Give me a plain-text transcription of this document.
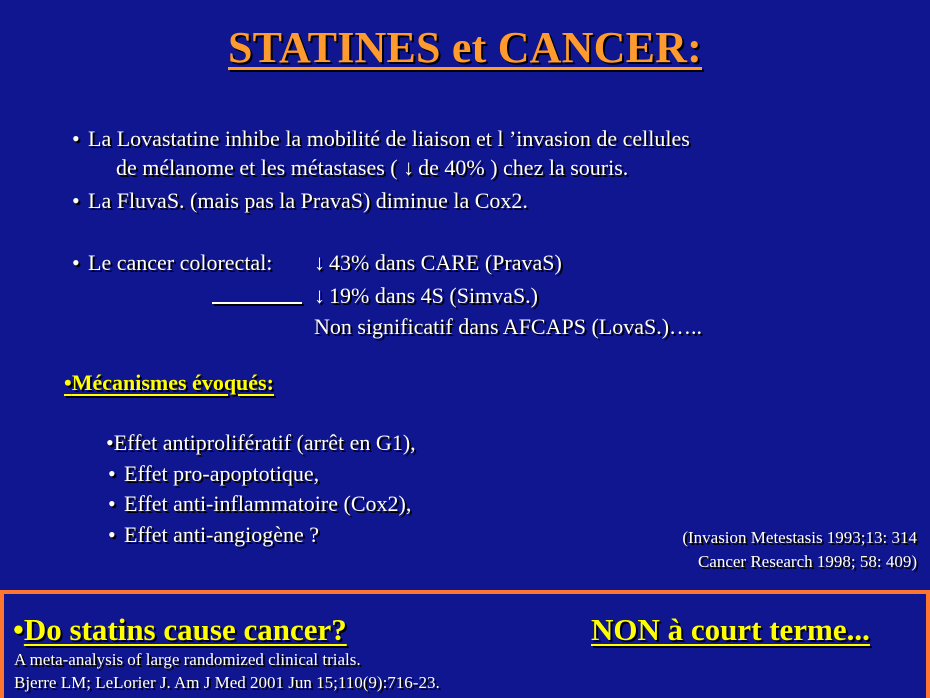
STATINES et CANCER:
• La Lovastatine inhibe la mobilité de liaison et l ’invasion de cellules
de mélanome et les métastases ( ↓ de 40% ) chez la souris.
• La FluvaS. (mais pas la PravaS) diminue la Cox2.
• Le cancer colorectal: ↓ 43% dans CARE (PravaS)
↓ 19% dans 4S (SimvaS.)
Non significatif dans AFCAPS (LovaS.)…..
•Mécanismes évoqués:
•Effet antiprolifératif (arrêt en G1),
• Effet pro-apoptotique,
• Effet anti-inflammatoire (Cox2),
• Effet anti-angiogène ?	(Invasion Metestasis 1993;13: 314
Cancer Research 1998; 58: 409)
•Do statins cause cancer?	NON à court terme...
A meta-analysis of large randomized clinical trials.
Bjerre LM; LeLorier J. Am J Med 2001 Jun 15;110(9):716-23.
